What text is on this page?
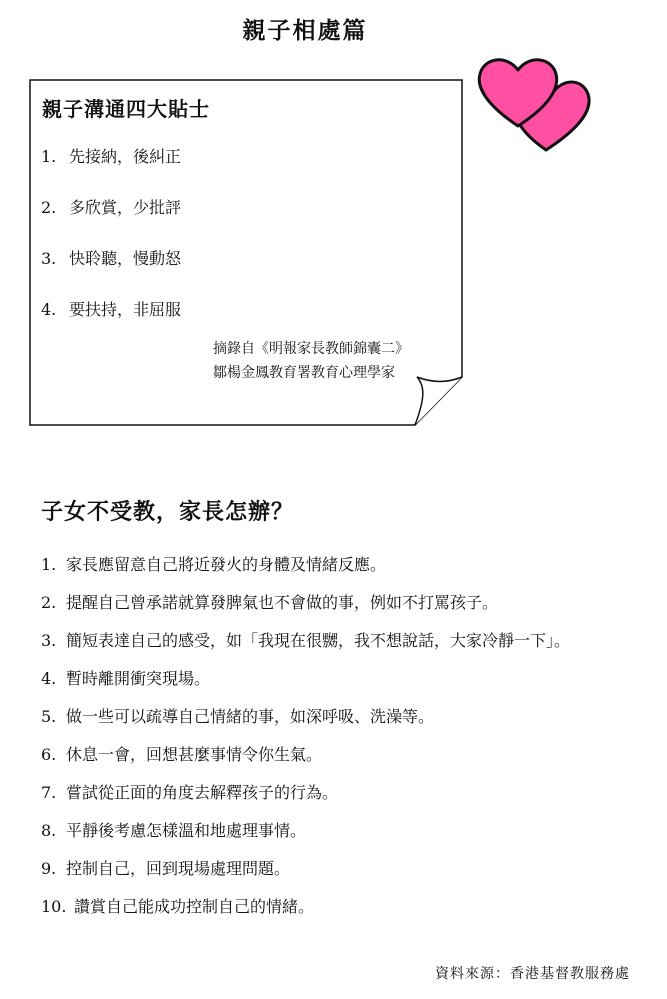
親子相處篇
親子溝通四大貼士
1. 先接納，後糾正
2. 多欣賞，少批評
3. 快聆聽，慢動怒
4. 要扶持，非屈服
摘錄自《明報家長教師錦囊二》
鄒楊金鳳教育署教育心理學家
子女不受教，家長怎辦？
1. 家長應留意自己將近發火的身體及情緒反應。
2. 提醒自己曾承諾就算發脾氣也不會做的事，例如不打罵孩子。
3. 簡短表達自己的感受，如「我現在很嬲，我不想說話，大家冷靜一下」。
4. 暫時離開衝突現場。
5. 做一些可以疏導自己情緒的事，如深呼吸、洗澡等。
6. 休息一會，回想甚麼事情令你生氣。
7. 嘗試從正面的角度去解釋孩子的行為。
8. 平靜後考慮怎樣溫和地處理事情。
9. 控制自己，回到現場處理問題。
10. 讚賞自己能成功控制自己的情緒。
資料來源：香港基督教服務處
